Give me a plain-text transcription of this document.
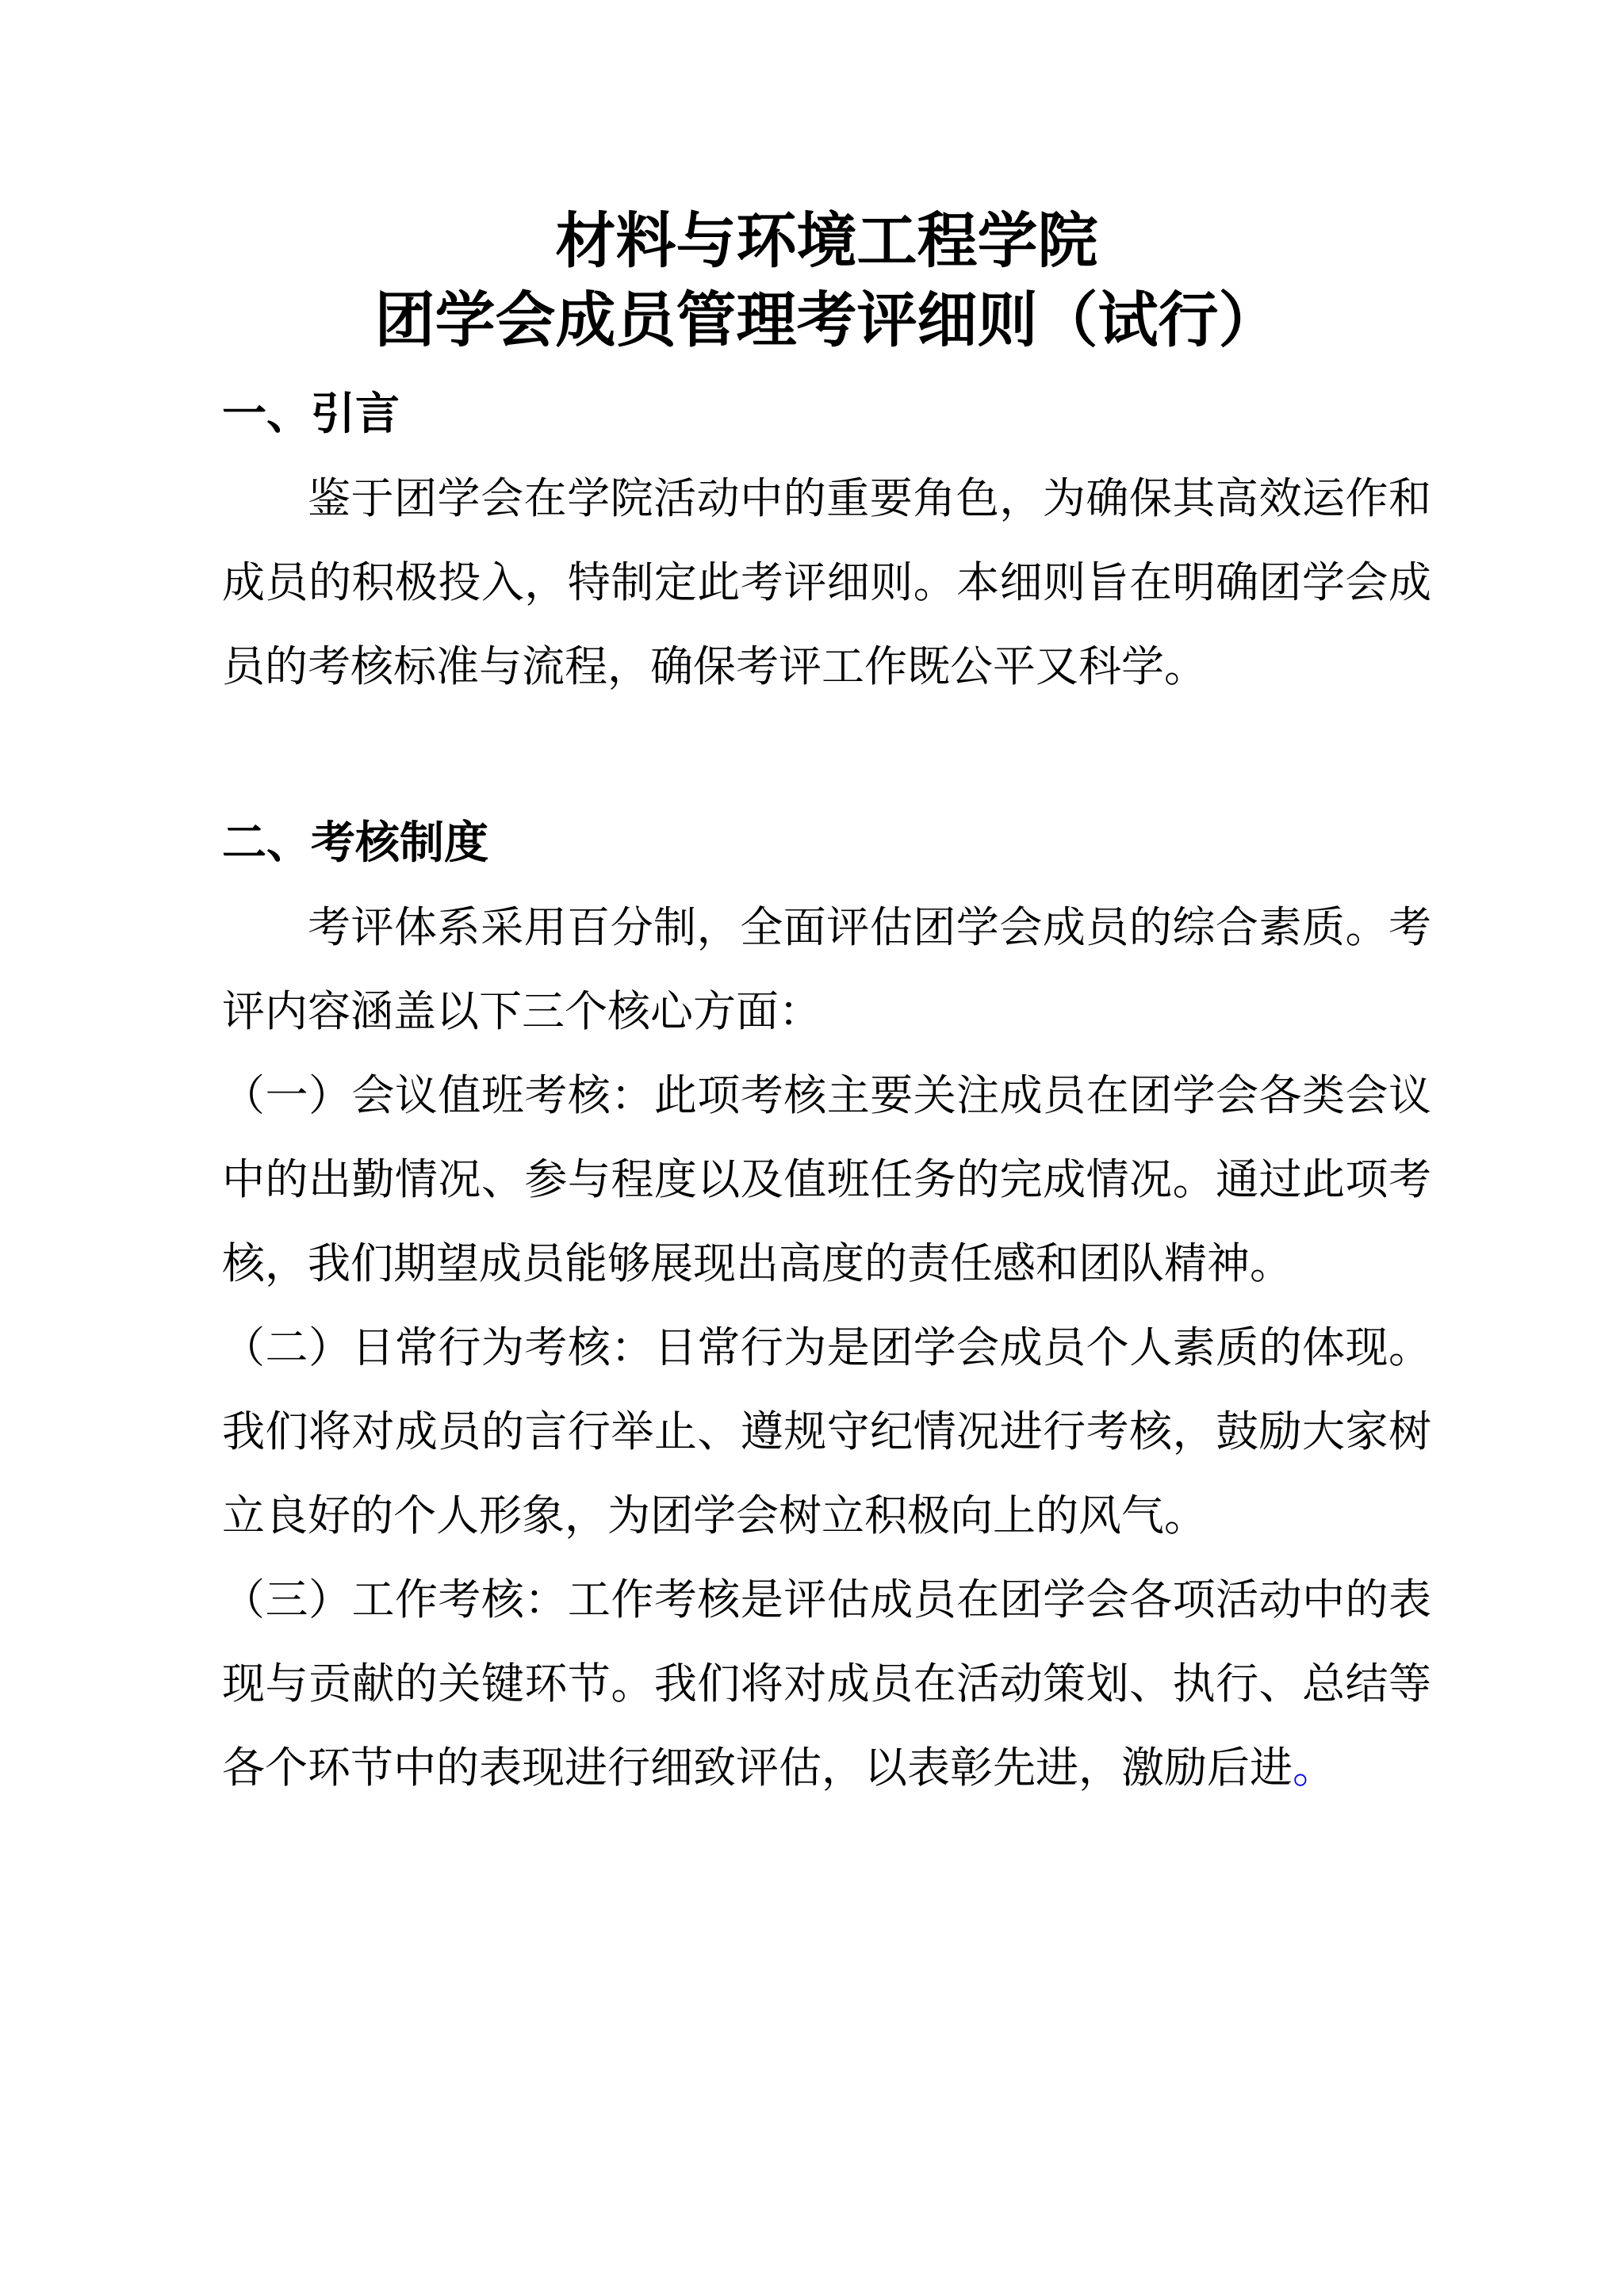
材料与环境工程学院
团学会成员管理考评细则（试行）
一、引言

鉴于团学会在学院活动中的重要角色，为确保其高效运作和成员的积极投入，特制定此考评细则。本细则旨在明确团学会成员的考核标准与流程，确保考评工作既公平又科学。

二、考核制度

考评体系采用百分制，全面评估团学会成员的综合素质。考评内容涵盖以下三个核心方面：

（一）会议值班考核：此项考核主要关注成员在团学会各类会议中的出勤情况、参与程度以及值班任务的完成情况。通过此项考核，我们期望成员能够展现出高度的责任感和团队精神。

（二）日常行为考核：日常行为是团学会成员个人素质的体现。我们将对成员的言行举止、遵规守纪情况进行考核，鼓励大家树立良好的个人形象，为团学会树立积极向上的风气。

（三）工作考核：工作考核是评估成员在团学会各项活动中的表现与贡献的关键环节。我们将对成员在活动策划、执行、总结等各个环节中的表现进行细致评估，以表彰先进，激励后进。
